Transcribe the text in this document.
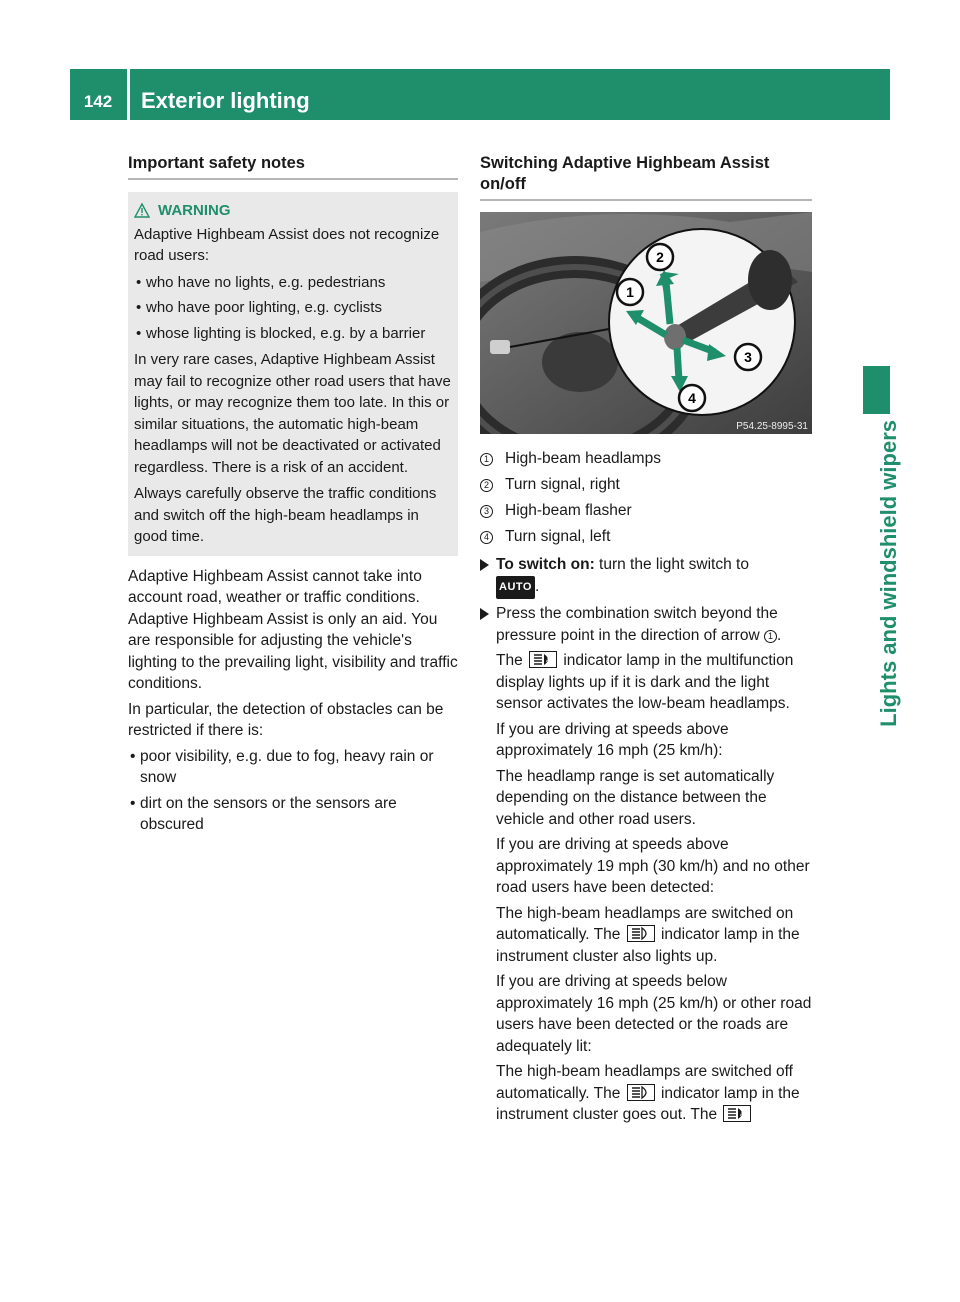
142	Exterior lighting
Lights and windshield wipers
Important safety notes
WARNING

Adaptive Highbeam Assist does not recognize road users:

• who have no lights, e.g. pedestrians
• who have poor lighting, e.g. cyclists
• whose lighting is blocked, e.g. by a barrier

In very rare cases, Adaptive Highbeam Assist may fail to recognize other road users that have lights, or may recognize them too late. In this or similar situations, the automatic high-beam headlamps will not be deactivated or activated regardless. There is a risk of an accident.

Always carefully observe the traffic conditions and switch off the high-beam headlamps in good time.

Adaptive Highbeam Assist cannot take into account road, weather or traffic conditions. Adaptive Highbeam Assist is only an aid. You are responsible for adjusting the vehicle's lighting to the prevailing light, visibility and traffic conditions.

In particular, the detection of obstacles can be restricted if there is:

• poor visibility, e.g. due to fog, heavy rain or snow
• dirt on the sensors or the sensors are obscured
Switching Adaptive Highbeam Assist on/off
2
1
3
4
P54.25-8995-31
1 High-beam headlamps
2 Turn signal, right
3 High-beam flasher
4 Turn signal, left

To switch on: turn the light switch to
AUTO .

Press the combination switch beyond the pressure point in the direction of arrow 1 .

The	A indicator lamp in the multifunction display lights up if it is dark and the light sensor activates the low-beam headlamps.

If you are driving at speeds above approximately 16 mph (25 km/h):

The headlamp range is set automatically depending on the distance between the vehicle and other road users.

If you are driving at speeds above approximately 19 mph (30 km/h) and no other road users have been detected:

The high-beam headlamps are switched on automatically. The
indicator lamp in the instrument cluster also lights up.

If you are driving at speeds below approximately 16 mph (25 km/h) or other road users have been detected or the roads are adequately lit:

The high-beam headlamps are switched off automatically. The
indicator lamp in the instrument cluster goes out. The	A
